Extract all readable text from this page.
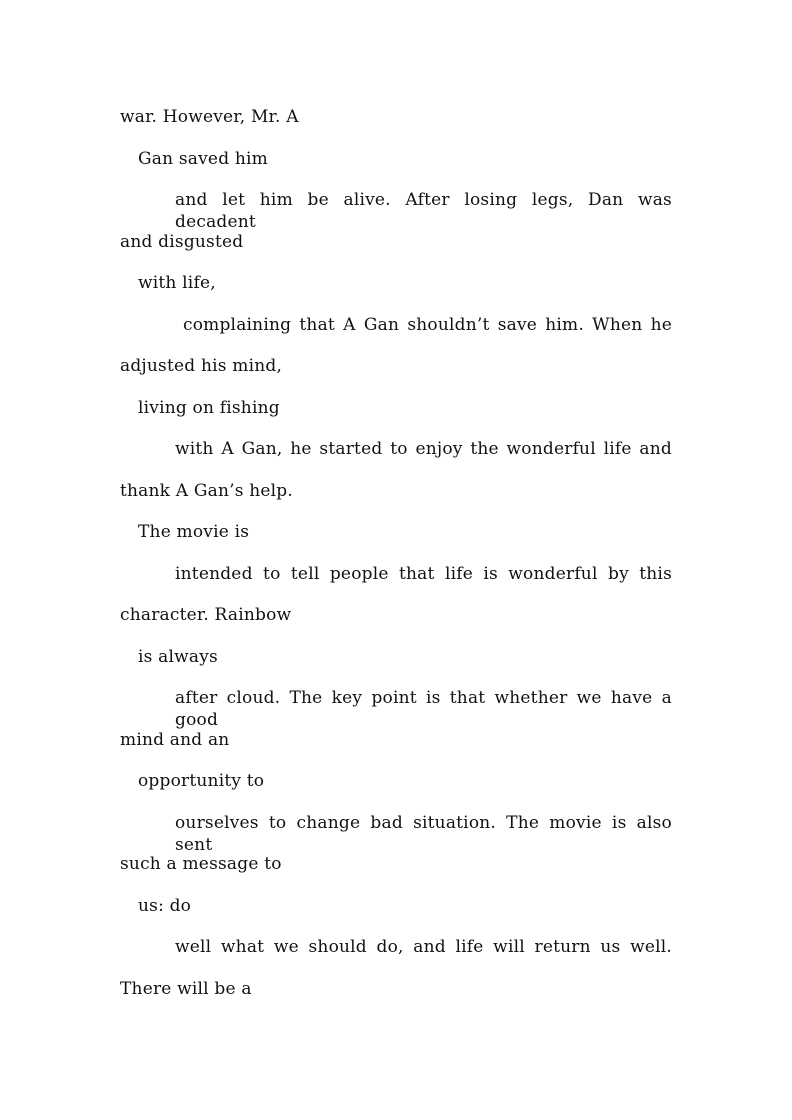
war. However, Mr. A
Gan saved him
and let him be alive. After losing legs, Dan was decadent
and disgusted
with life,
complaining that A Gan shouldn’t save him. When he
adjusted his mind,
living on fishing
with A Gan, he started to enjoy the wonderful life and
thank A Gan’s help.
The movie is
intended to tell people that life is wonderful by this
character. Rainbow
is always
after cloud. The key point is that whether we have a good
mind and an
opportunity to
ourselves to change bad situation. The movie is also sent
such a message to
us: do
well what we should do, and life will return us well.
There will be a
